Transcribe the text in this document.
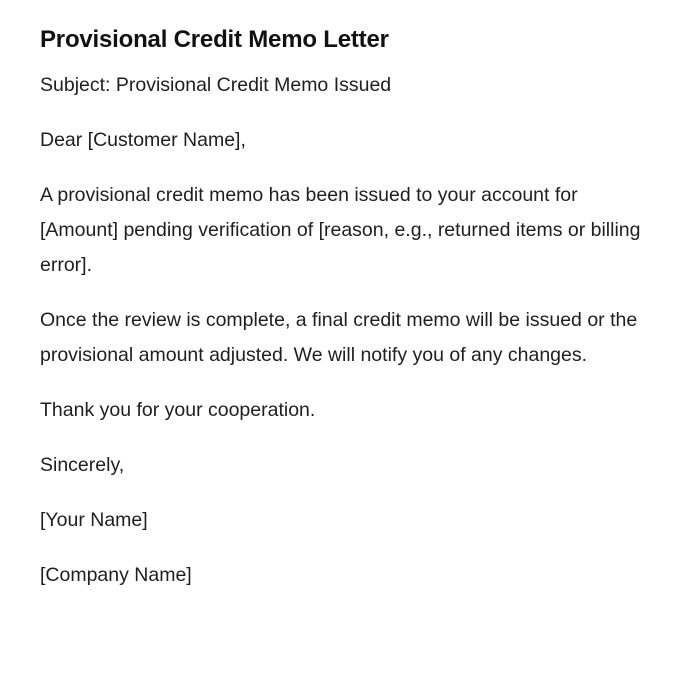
Provisional Credit Memo Letter

Subject: Provisional Credit Memo Issued

Dear [Customer Name],

A provisional credit memo has been issued to your account for [Amount] pending verification of [reason, e.g., returned items or billing error].

Once the review is complete, a final credit memo will be issued or the provisional amount adjusted. We will notify you of any changes.

Thank you for your cooperation.

Sincerely,

[Your Name]

[Company Name]
